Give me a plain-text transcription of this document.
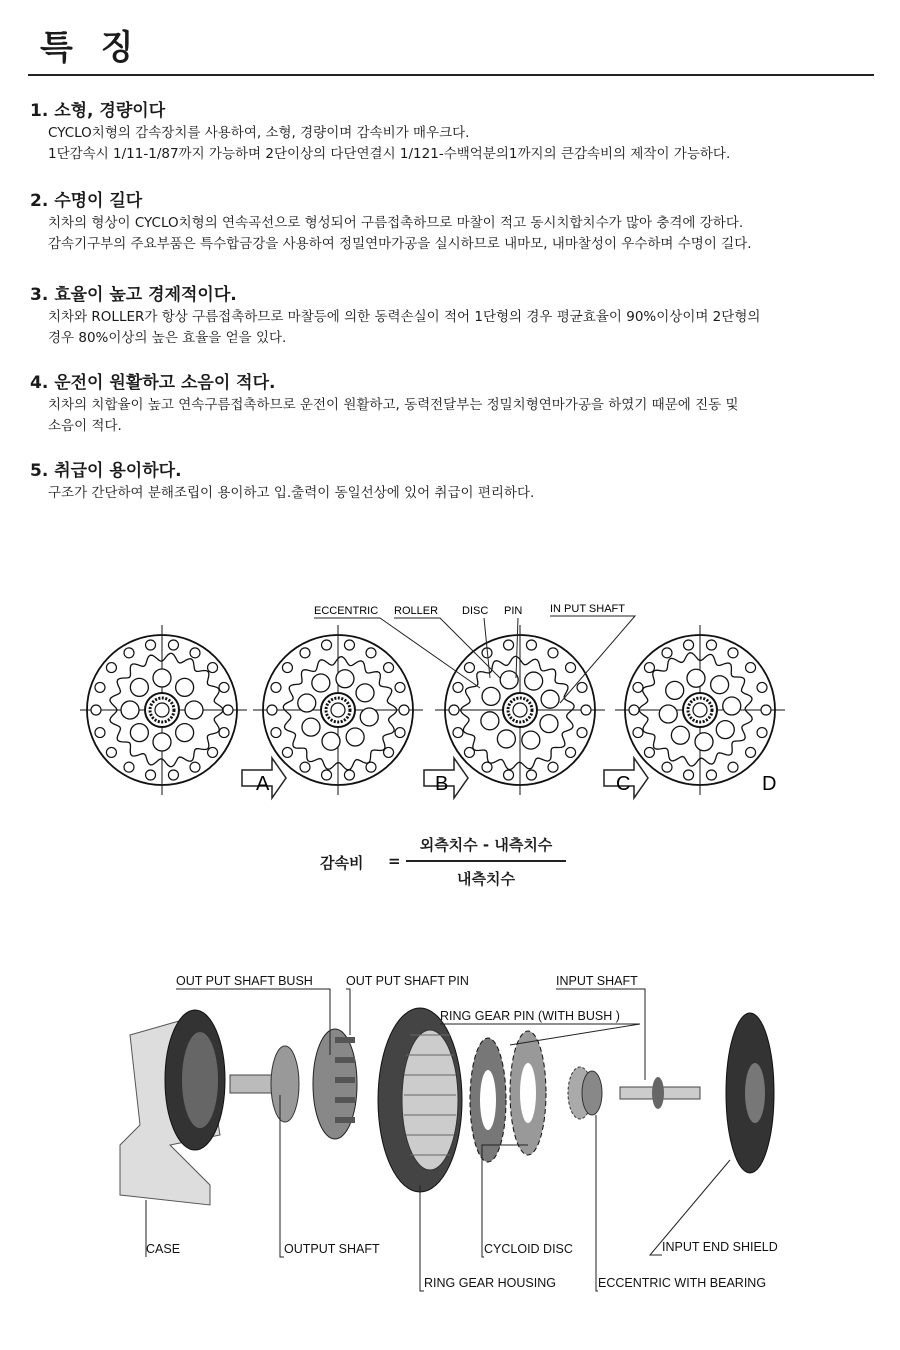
특 징
1. 소형, 경량이다

CYCLO치형의 감속장치를 사용하여, 소형, 경량이며 감속비가 매우크다.
1단감속시 1/11-1/87까지 가능하며 2단이상의 다단연결시 1/121-수백억분의1까지의 큰감속비의 제작이 가능하다.

2. 수명이 길다

치차의 형상이 CYCLO치형의 연속곡선으로 형성되어 구름접촉하므로 마찰이 적고 동시치합치수가 많아 충격에 강하다.
감속기구부의 주요부품은 특수합금강을 사용하여 정밀연마가공을 실시하므로 내마모, 내마찰성이 우수하며 수명이 길다.

3. 효율이 높고 경제적이다.

치차와 ROLLER가 항상 구름접촉하므로 마찰등에 의한 동력손실이 적어 1단형의 경우 평균효율이 90%이상이며 2단형의
경우 80%이상의 높은 효율을 얻을 있다.

4. 운전이 원활하고 소음이 적다.

치차의 치합율이 높고 연속구름접촉하므로 운전이 원활하고, 동력전달부는 정밀치형연마가공을 하였기 때문에 진동 및
소음이 적다.

5. 취급이 용이하다.

구조가 간단하여 분해조립이 용이하고 입.출력이 동일선상에 있어 취급이 편리하다.

A	B	C	D
ECCENTRIC ROLLER DISC PIN	IN PUT SHAFT
감속비 =
외측치수 - 내측치수
내측치수
OUT PUT SHAFT BUSH	OUT PUT SHAFT PIN	INPUT SHAFT
RING GEAR PIN (WITH BUSH )
CASE	OUTPUT SHAFT	CYCLOID DISC	INPUT END SHIELD
RING GEAR HOUSING	ECCENTRIC WITH BEARING
